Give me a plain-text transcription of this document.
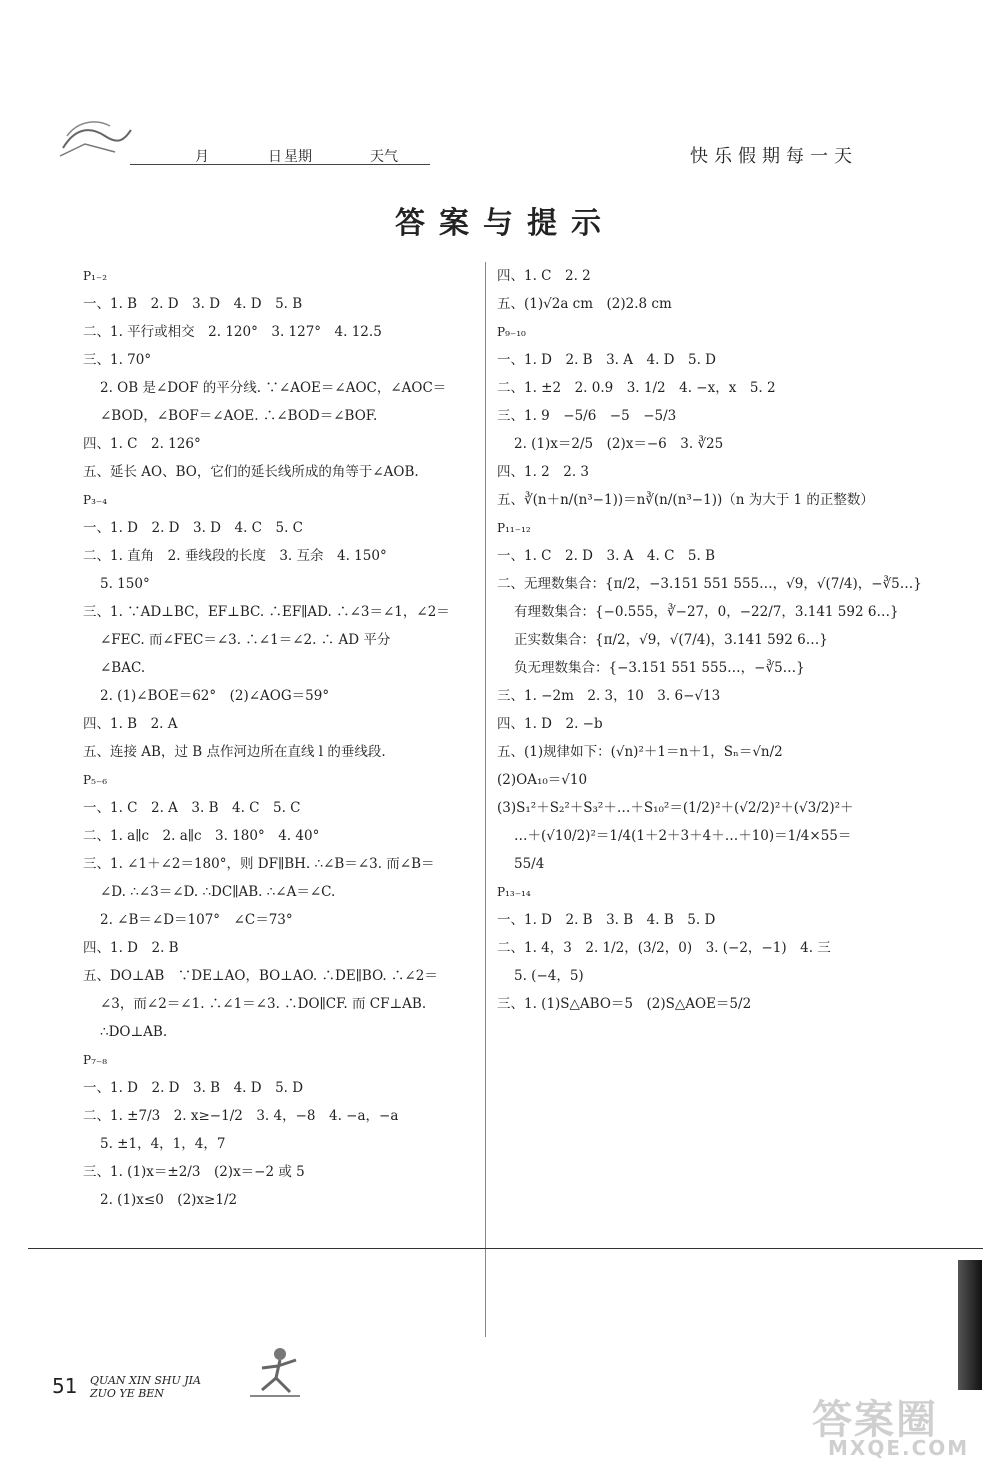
月	日 星期	天气	快乐假期每一天
答案与提示
P₁₋₂
一、1. B　2. D　3. D　4. D　5. B
二、1. 平行或相交　2. 120°　3. 127°　4. 12.5
三、1. 70°
2. OB 是∠DOF 的平分线. ∵∠AOE＝∠AOC，∠AOC＝
∠BOD，∠BOF＝∠AOE. ∴∠BOD＝∠BOF.
四、1. C　2. 126°
五、延长 AO、BO，它们的延长线所成的角等于∠AOB.
P₃₋₄
一、1. D　2. D　3. D　4. C　5. C
二、1. 直角　2. 垂线段的长度　3. 互余　4. 150°
5. 150°
三、1. ∵AD⊥BC，EF⊥BC. ∴EF∥AD. ∴∠3＝∠1，∠2＝
∠FEC. 而∠FEC＝∠3. ∴∠1＝∠2. ∴ AD 平分
∠BAC.
2. (1)∠BOE＝62°　(2)∠AOG＝59°
四、1. B　2. A
五、连接 AB，过 B 点作河边所在直线 l 的垂线段.
P₅₋₆
一、1. C　2. A　3. B　4. C　5. C
二、1. a∥c　2. a∥c　3. 180°　4. 40°
三、1. ∠1＋∠2＝180°，则 DF∥BH. ∴∠B＝∠3. 而∠B＝
∠D. ∴∠3＝∠D. ∴DC∥AB. ∴∠A＝∠C.
2. ∠B＝∠D＝107°　∠C＝73°
四、1. D　2. B
五、DO⊥AB　∵DE⊥AO，BO⊥AO. ∴DE∥BO. ∴∠2＝
∠3，而∠2＝∠1. ∴∠1＝∠3. ∴DO∥CF. 而 CF⊥AB.
∴DO⊥AB.
P₇₋₈
一、1. D　2. D　3. B　4. D　5. D
二、1. ±7/3　2. x≥−1/2　3. 4，−8　4. −a，−a
5. ±1，4，1，4，7
三、1. (1)x＝±2/3　(2)x＝−2 或 5
2. (1)x≤0　(2)x≥1/2
四、1. C　2. 2
五、(1)√2a cm　(2)2.8 cm
P₉₋₁₀
一、1. D　2. B　3. A　4. D　5. D
二、1. ±2　2. 0.9　3. 1/2　4. −x，x　5. 2
三、1. 9　−5/6　−5　−5/3
2. (1)x＝2/5　(2)x＝−6　3. ∛25
四、1. 2　2. 3
五、∛(n＋n/(n³−1))＝n∛(n/(n³−1))（n 为大于 1 的正整数）
P₁₁₋₁₂
一、1. C　2. D　3. A　4. C　5. B
二、无理数集合：{π/2，−3.151 551 555…，√9，√(7/4)，−∛5…}
有理数集合：{−0.555，∛−27，0，−22/7，3.141 592 6…}
正实数集合：{π/2，√9，√(7/4)，3.141 592 6…}
负无理数集合：{−3.151 551 555…，−∛5…}
三、1. −2m　2. 3，10　3. 6−√13
四、1. D　2. −b
五、(1)规律如下：(√n)²＋1＝n＋1，Sₙ＝√n/2
(2)OA₁₀＝√10
(3)S₁²＋S₂²＋S₃²＋…＋S₁₀²＝(1/2)²＋(√2/2)²＋(√3/2)²＋
…＋(√10/2)²＝1/4(1＋2＋3＋4＋…＋10)＝1/4×55＝
55/4
P₁₃₋₁₄
一、1. D　2. B　3. B　4. B　5. D
二、1. 4，3　2. 1/2，(3/2，0)　3. (−2，−1)　4. 三
5. (−4，5)
三、1. (1)S△ABO＝5　(2)S△AOE＝5/2
51 QUAN XIN SHU JIA
ZUO YE BEN
答案圈
MXQE.COM
